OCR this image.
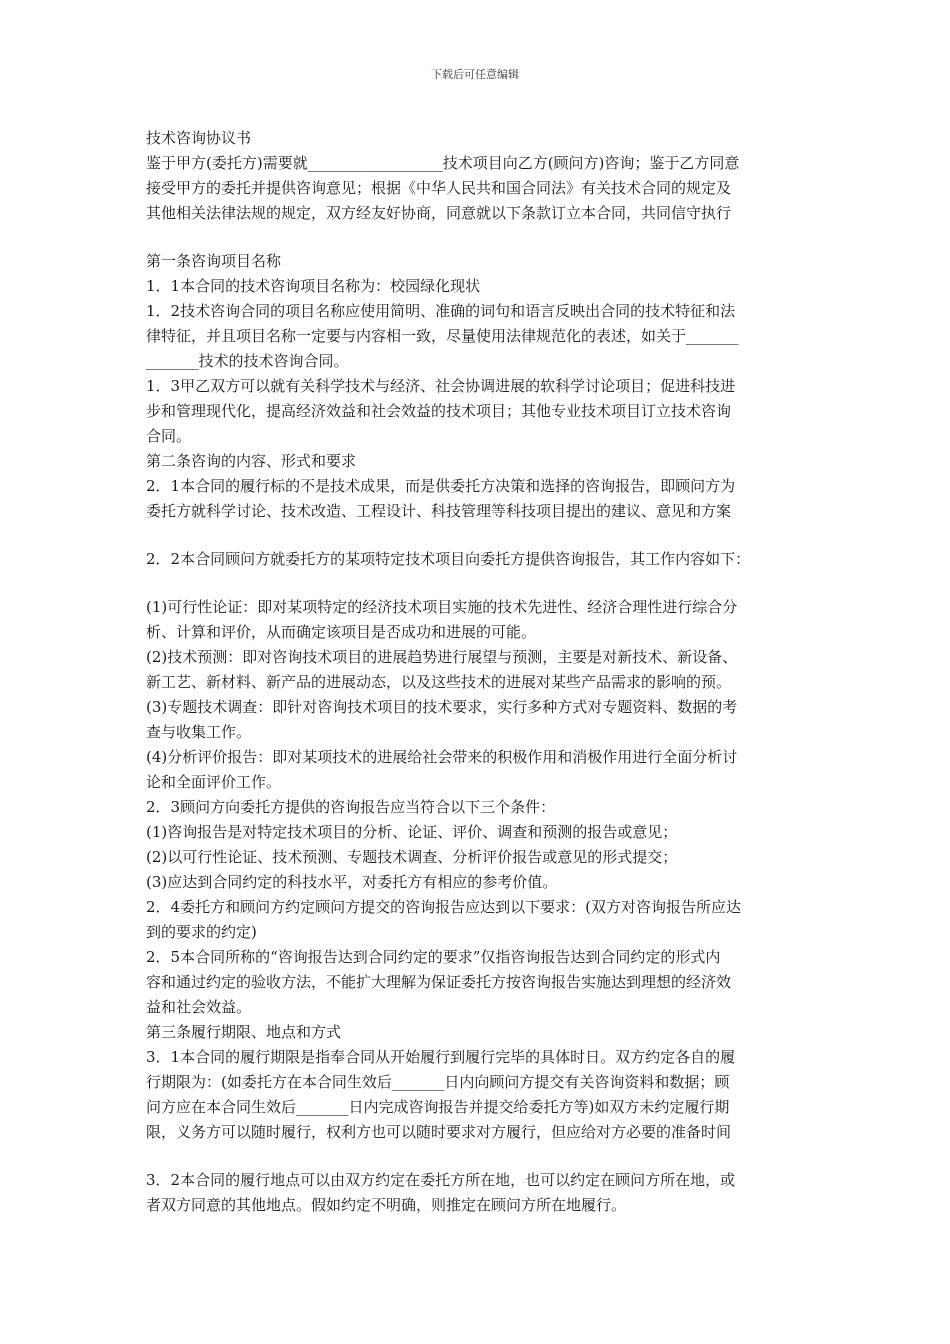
下载后可任意编辑
技术咨询协议书
鉴于甲方(委托方)需要就__________________技术项目向乙方(顾问方)咨询；鉴于乙方同意
接受甲方的委托并提供咨询意见；根据《中华人民共和国合同法》有关技术合同的规定及
其他相关法律法规的规定，双方经友好协商，同意就以下条款订立本合同，共同信守执行
第一条咨询项目名称
1．1本合同的技术咨询项目名称为：校园绿化现状
1．2技术咨询合同的项目名称应使用简明、准确的词句和语言反映出合同的技术特征和法
律特征，并且项目名称一定要与内容相一致，尽量使用法律规范化的表述，如关于_______
_______技术的技术咨询合同。
1．3甲乙双方可以就有关科学技术与经济、社会协调进展的软科学讨论项目；促进科技进
步和管理现代化，提高经济效益和社会效益的技术项目；其他专业技术项目订立技术咨询
合同。
第二条咨询的内容、形式和要求
2．1本合同的履行标的不是技术成果，而是供委托方决策和选择的咨询报告，即顾问方为
委托方就科学讨论、技术改造、工程设计、科技管理等科技项目提出的建议、意见和方案
2．2本合同顾问方就委托方的某项特定技术项目向委托方提供咨询报告，其工作内容如下：
(1)可行性论证：即对某项特定的经济技术项目实施的技术先进性、经济合理性进行综合分
析、计算和评价，从而确定该项目是否成功和进展的可能。
(2)技术预测：即对咨询技术项目的进展趋势进行展望与预测，主要是对新技术、新设备、
新工艺、新材料、新产品的进展动态，以及这些技术的进展对某些产品需求的影响的预。
(3)专题技术调查：即针对咨询技术项目的技术要求，实行多种方式对专题资料、数据的考
查与收集工作。
(4)分析评价报告：即对某项技术的进展给社会带来的积极作用和消极作用进行全面分析讨
论和全面评价工作。
2．3顾问方向委托方提供的咨询报告应当符合以下三个条件：
(1)咨询报告是对特定技术项目的分析、论证、评价、调查和预测的报告或意见；
(2)以可行性论证、技术预测、专题技术调查、分析评价报告或意见的形式提交；
(3)应达到合同约定的科技水平，对委托方有相应的参考价值。
2．4委托方和顾问方约定顾问方提交的咨询报告应达到以下要求：(双方对咨询报告所应达
到的要求的约定)
2．5本合同所称的“咨询报告达到合同约定的要求”仅指咨询报告达到合同约定的形式内
容和通过约定的验收方法，不能扩大理解为保证委托方按咨询报告实施达到理想的经济效
益和社会效益。
第三条履行期限、地点和方式
3．1本合同的履行期限是指奉合同从开始履行到履行完毕的具体时日。双方约定各自的履
行期限为：(如委托方在本合同生效后_______日内向顾问方提交有关咨询资料和数据；顾
问方应在本合同生效后_______日内完成咨询报告并提交给委托方等)如双方未约定履行期
限，义务方可以随时履行，权利方也可以随时要求对方履行，但应给对方必要的准备时间
3．2本合同的履行地点可以由双方约定在委托方所在地，也可以约定在顾问方所在地，或
者双方同意的其他地点。假如约定不明确，则推定在顾问方所在地履行。
